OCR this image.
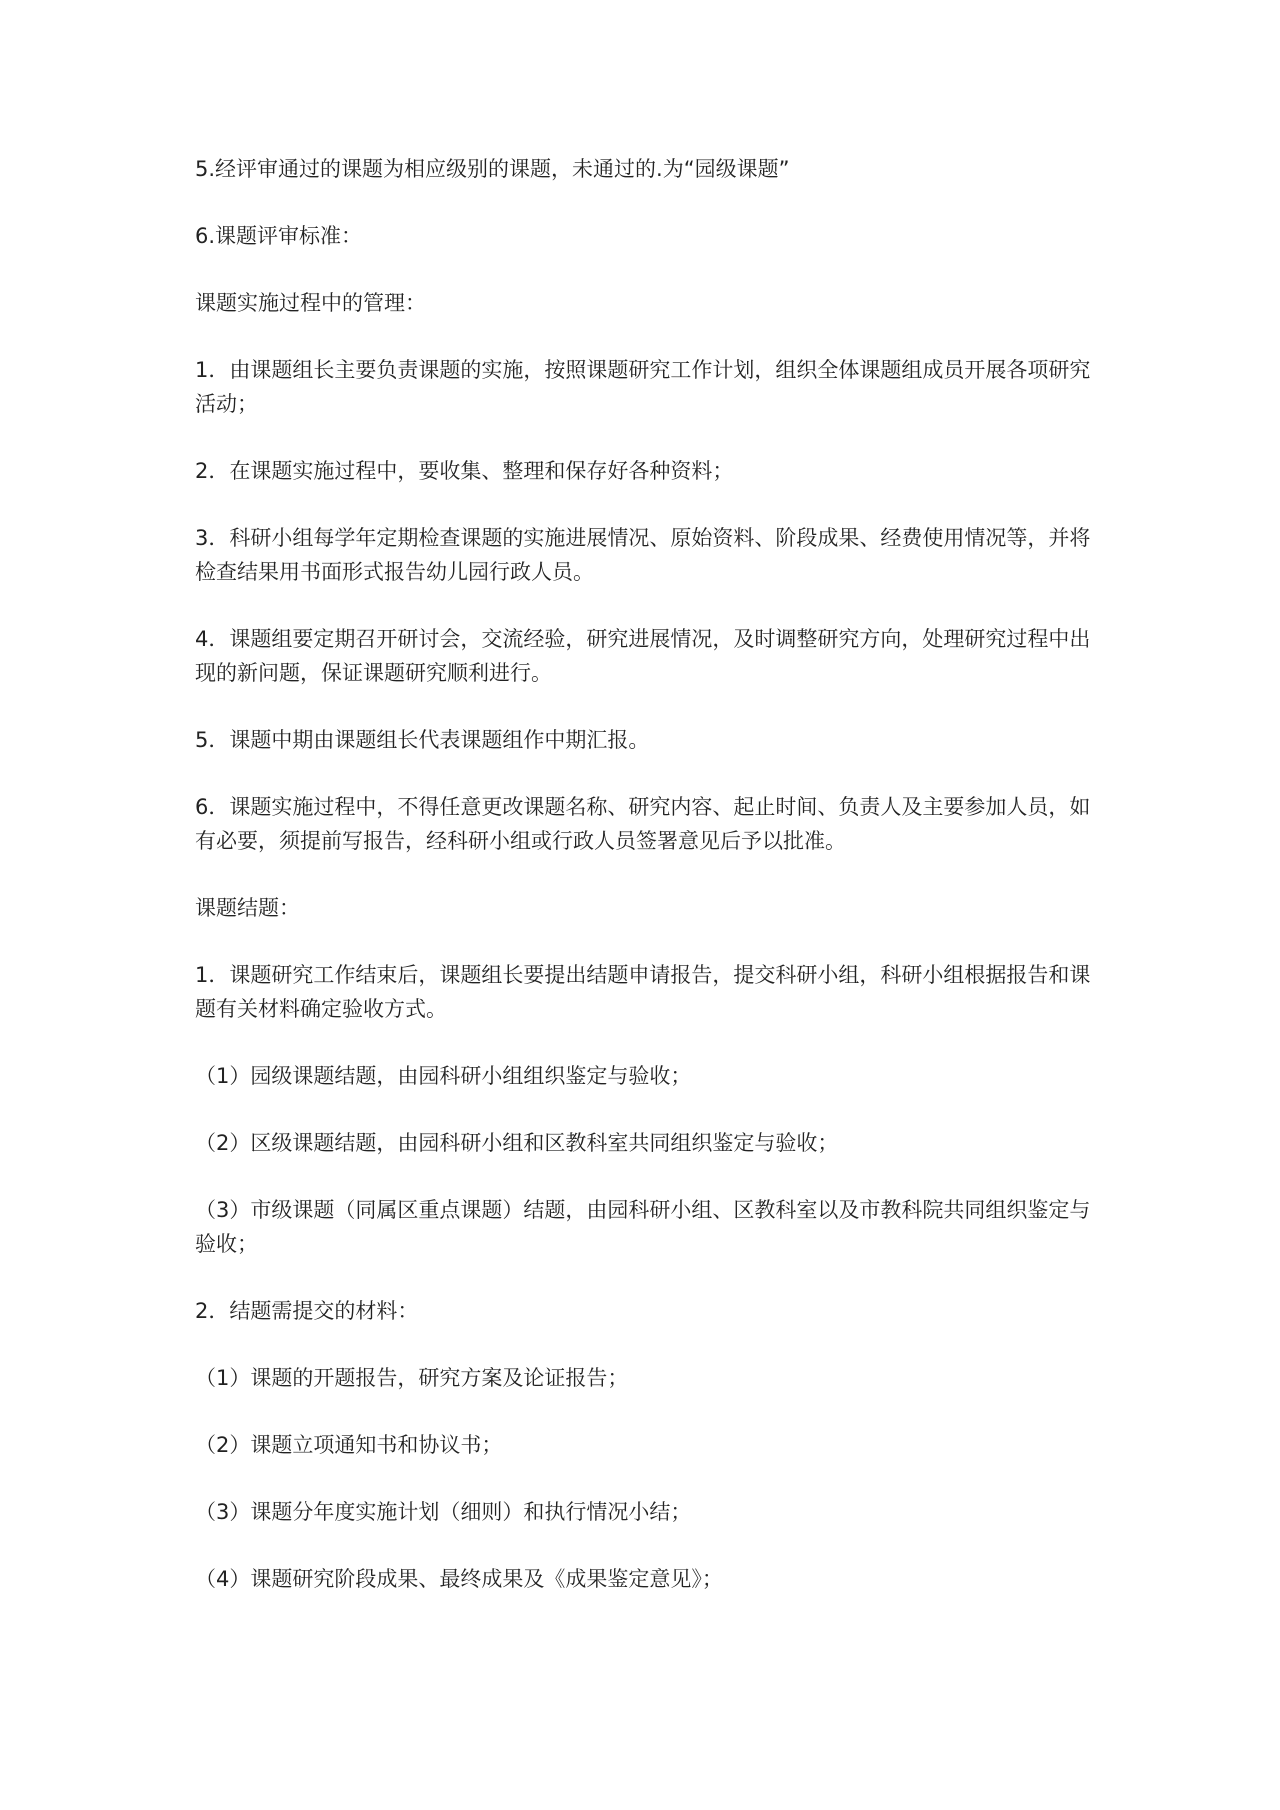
5.经评审通过的课题为相应级别的课题，未通过的.为“园级课题”

6.课题评审标准：

课题实施过程中的管理：

1．由课题组长主要负责课题的实施，按照课题研究工作计划，组织全体课题组成员开展各项研究活动；

2．在课题实施过程中，要收集、整理和保存好各种资料；

3．科研小组每学年定期检查课题的实施进展情况、原始资料、阶段成果、经费使用情况等，并将检查结果用书面形式报告幼儿园行政人员。

4．课题组要定期召开研讨会，交流经验，研究进展情况，及时调整研究方向，处理研究过程中出现的新问题，保证课题研究顺利进行。

5．课题中期由课题组长代表课题组作中期汇报。

6．课题实施过程中，不得任意更改课题名称、研究内容、起止时间、负责人及主要参加人员，如有必要，须提前写报告，经科研小组或行政人员签署意见后予以批准。

课题结题：

1．课题研究工作结束后，课题组长要提出结题申请报告，提交科研小组，科研小组根据报告和课题有关材料确定验收方式。

（1）园级课题结题，由园科研小组组织鉴定与验收；

（2）区级课题结题，由园科研小组和区教科室共同组织鉴定与验收；

（3）市级课题（同属区重点课题）结题，由园科研小组、区教科室以及市教科院共同组织鉴定与验收；

2．结题需提交的材料：

（1）课题的开题报告，研究方案及论证报告；

（2）课题立项通知书和协议书；

（3）课题分年度实施计划（细则）和执行情况小结；

（4）课题研究阶段成果、最终成果及《成果鉴定意见》；
